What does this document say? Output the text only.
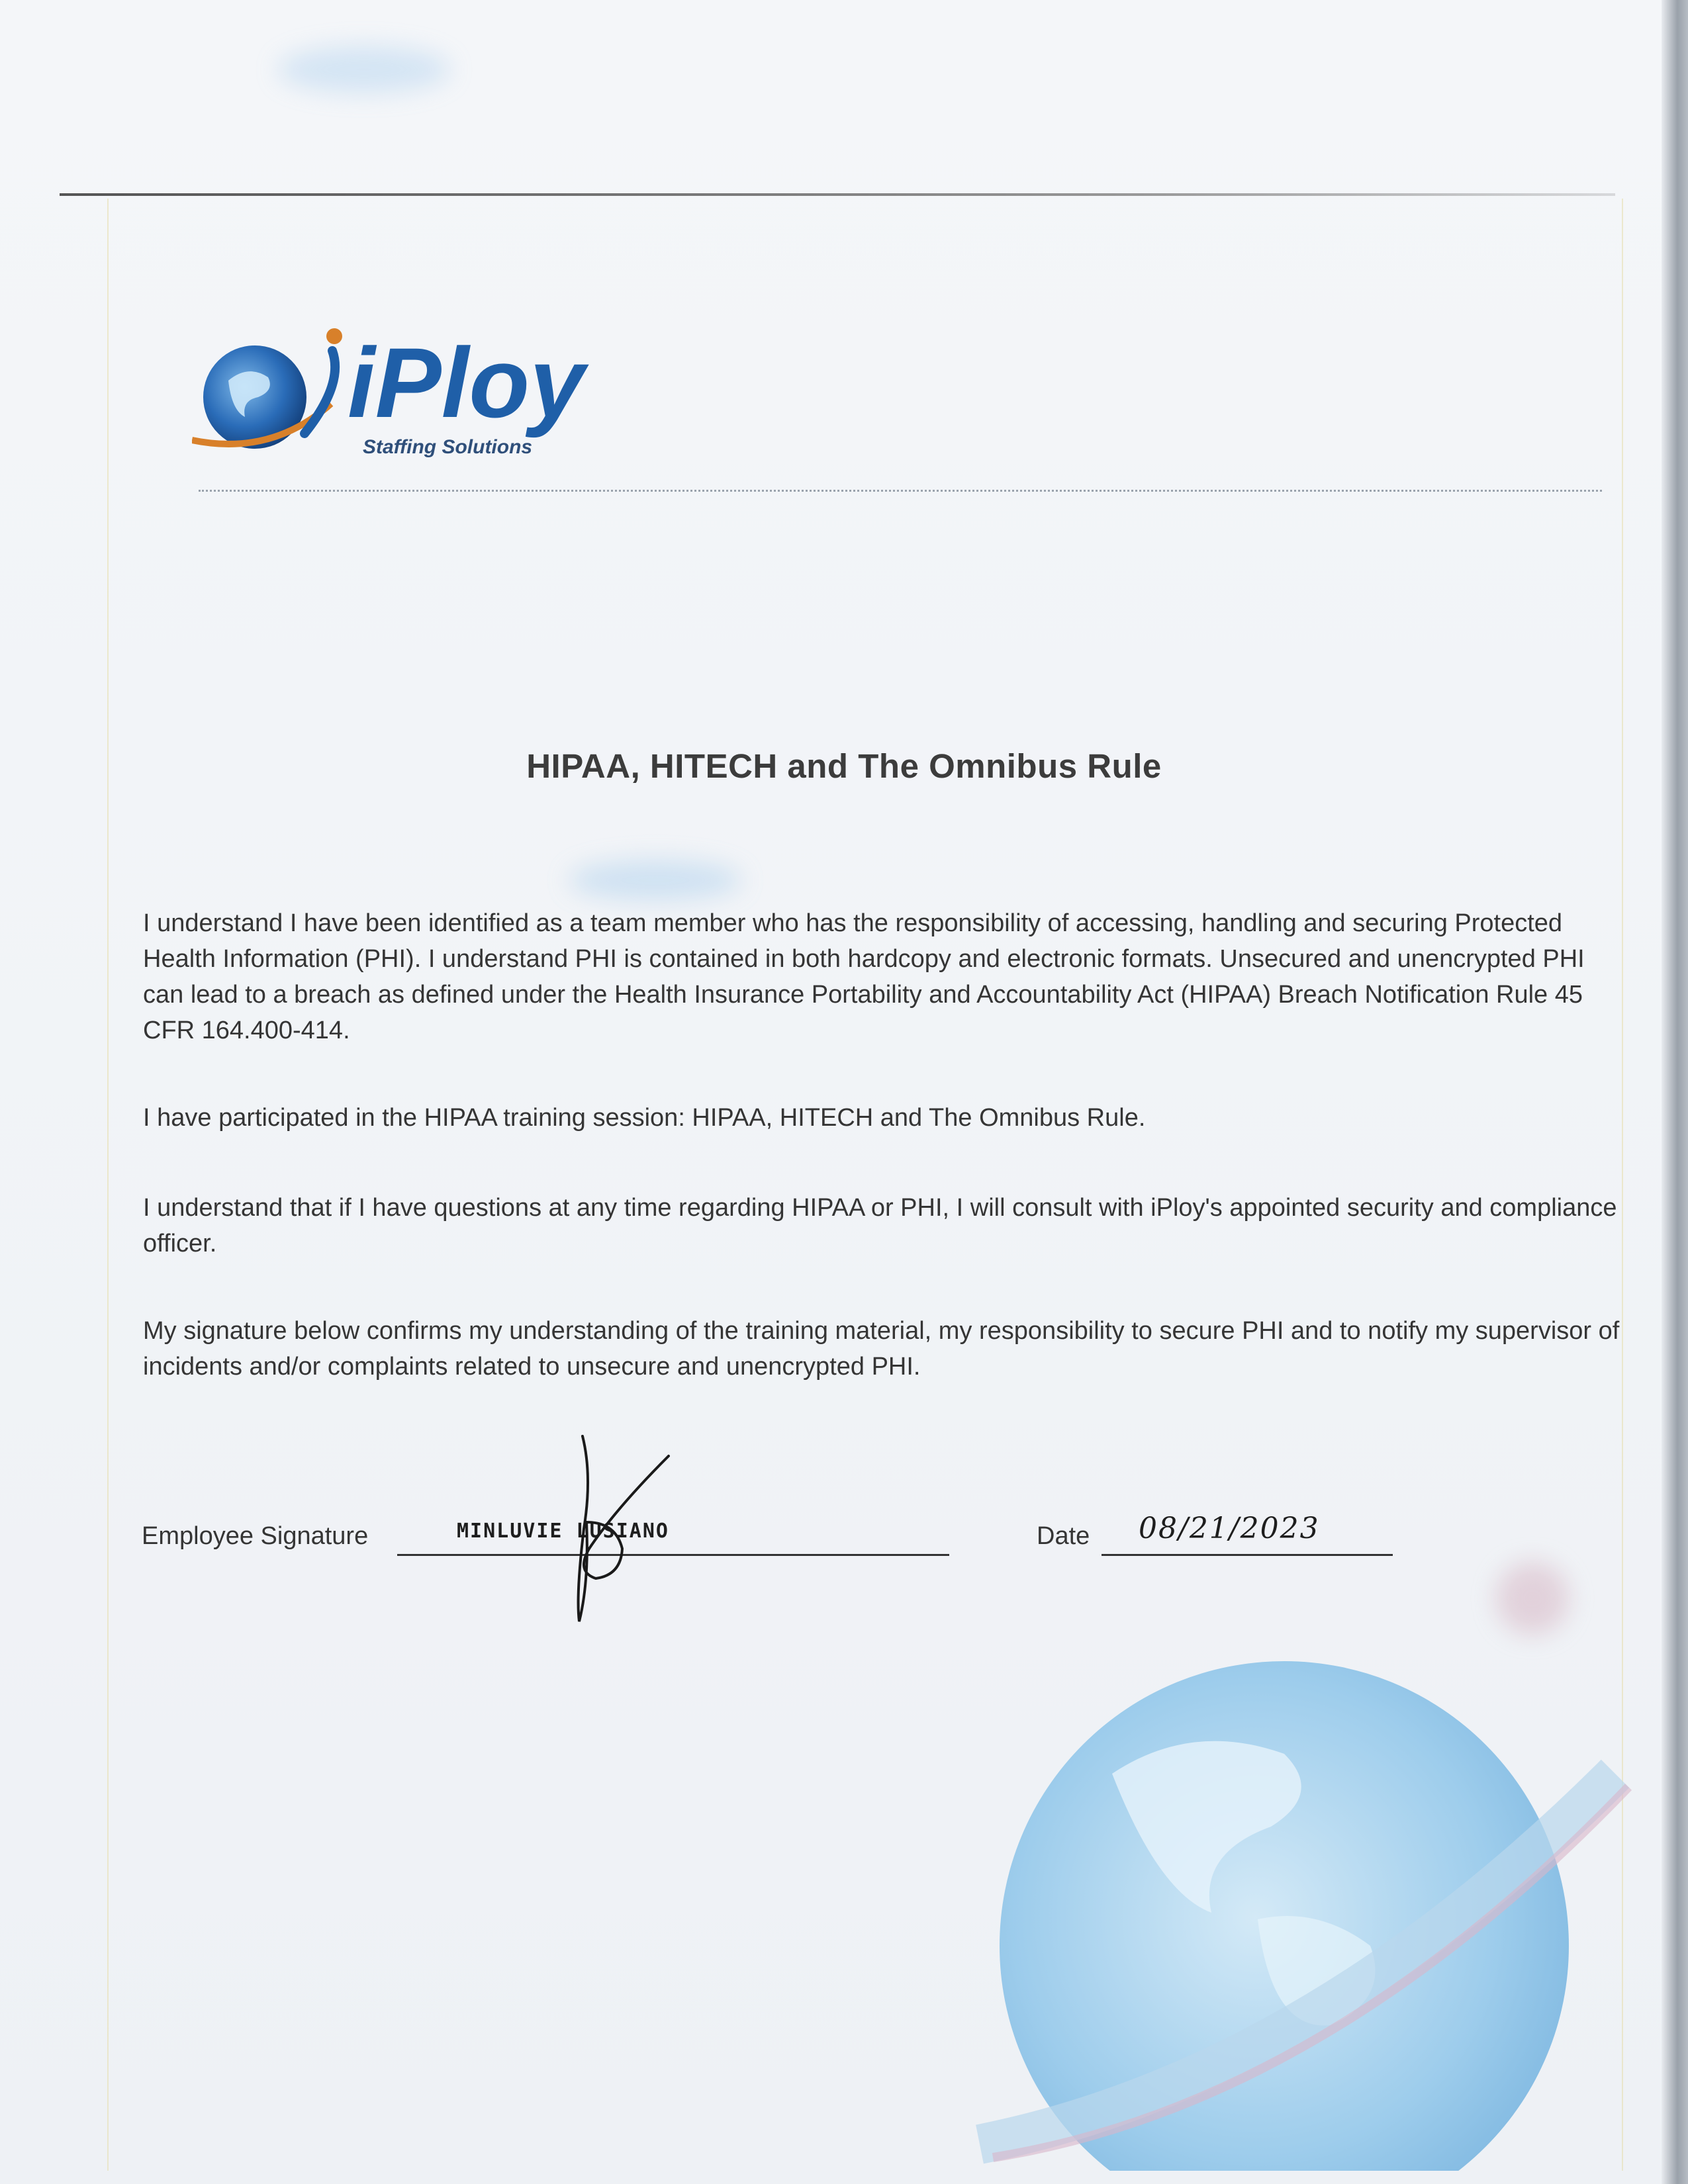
iPloy
Staffing Solutions
HIPAA, HITECH and The Omnibus Rule
I understand I have been identified as a team member who has the responsibility of accessing, handling and securing Protected Health Information (PHI). I understand PHI is contained in both hardcopy and electronic formats. Unsecured and unencrypted PHI can lead to a breach as defined under the Health Insurance Portability and Accountability Act (HIPAA) Breach Notification Rule 45 CFR 164.400-414.
I have participated in the HIPAA training session: HIPAA, HITECH and The Omnibus Rule.
I understand that if I have questions at any time regarding HIPAA or PHI, I will consult with iPloy's appointed security and compliance officer.
My signature below confirms my understanding of the training material, my responsibility to secure PHI and to notify my supervisor of incidents and/or complaints related to unsecure and unencrypted PHI.
Employee Signature	MINLUVIE LUSIANO	Date 08/21/2023
